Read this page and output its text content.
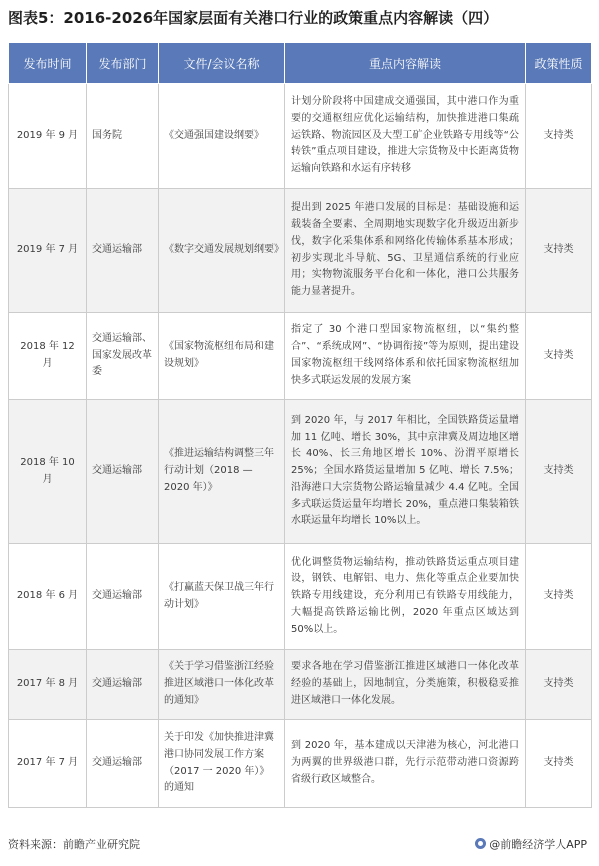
图表5：2016-2026年国家层面有关港口行业的政策重点内容解读（四）
发布时间	发布部门	文件/会议名称	重点内容解读	政策性质
2019 年 9 月	国务院	《交通强国建设纲要》	计划分阶段将中国建成交通强国，其中港口作为重要的交通枢纽应优化运输结构，加快推进港口集疏运铁路、物流园区及大型工矿企业铁路专用线等“公转铁”重点项目建设，推进大宗货物及中长距离货物运输向铁路和水运有序转移	支持类
2019 年 7 月	交通运输部	《数字交通发展规划纲要》	提出到 2025 年港口发展的目标是：基础设施和运载装备全要素、全周期地实现数字化升级迈出新步伐，数字化采集体系和网络化传输体系基本形成；初步实现北斗导航、5G、卫星通信系统的行业应用；实物物流服务平台化和一体化，港口公共服务能力显著提升。	支持类
2018 年 12 月	交通运输部、国家发展改革委	《国家物流枢纽布局和建设规划》	指定了 30 个港口型国家物流枢纽，以“集约整合”、“系统成网”、“协调衔接”等为原则，提出建设国家物流枢纽干线网络体系和依托国家物流枢纽加快多式联运发展的发展方案	支持类
2018 年 10 月	交通运输部	《推进运输结构调整三年行动计划（2018 — 2020 年）》	到 2020 年，与 2017 年相比，全国铁路货运量增加 11 亿吨、增长 30%，其中京津冀及周边地区增长 40%、长三角地区增长 10%、汾渭平原增长 25%；全国水路货运量增加 5 亿吨、增长 7.5%；沿海港口大宗货物公路运输量减少 4.4 亿吨。全国多式联运货运量年均增长 20%，重点港口集装箱铁水联运量年均增长 10%以上。	支持类
2018 年 6 月	交通运输部	《打赢蓝天保卫战三年行动计划》	优化调整货物运输结构，推动铁路货运重点项目建设，钢铁、电解铝、电力、焦化等重点企业要加快铁路专用线建设，充分利用已有铁路专用线能力，大幅提高铁路运输比例，2020 年重点区域达到 50%以上。	支持类
2017 年 8 月	交通运输部	《关于学习借鉴浙江经验推进区域港口一体化改革的通知》	要求各地在学习借鉴浙江推进区域港口一体化改革经验的基础上，因地制宜，分类施策，积极稳妥推进区域港口一体化发展。	支持类
2017 年 7 月	交通运输部	关于印发《加快推进津冀港口协同发展工作方案（2017 一 2020 年）》的通知	到 2020 年，基本建成以天津港为核心，河北港口为两翼的世界级港口群，先行示范带动港口资源跨省级行政区域整合。	支持类
资料来源：前瞻产业研究院	@前瞻经济学人APP
